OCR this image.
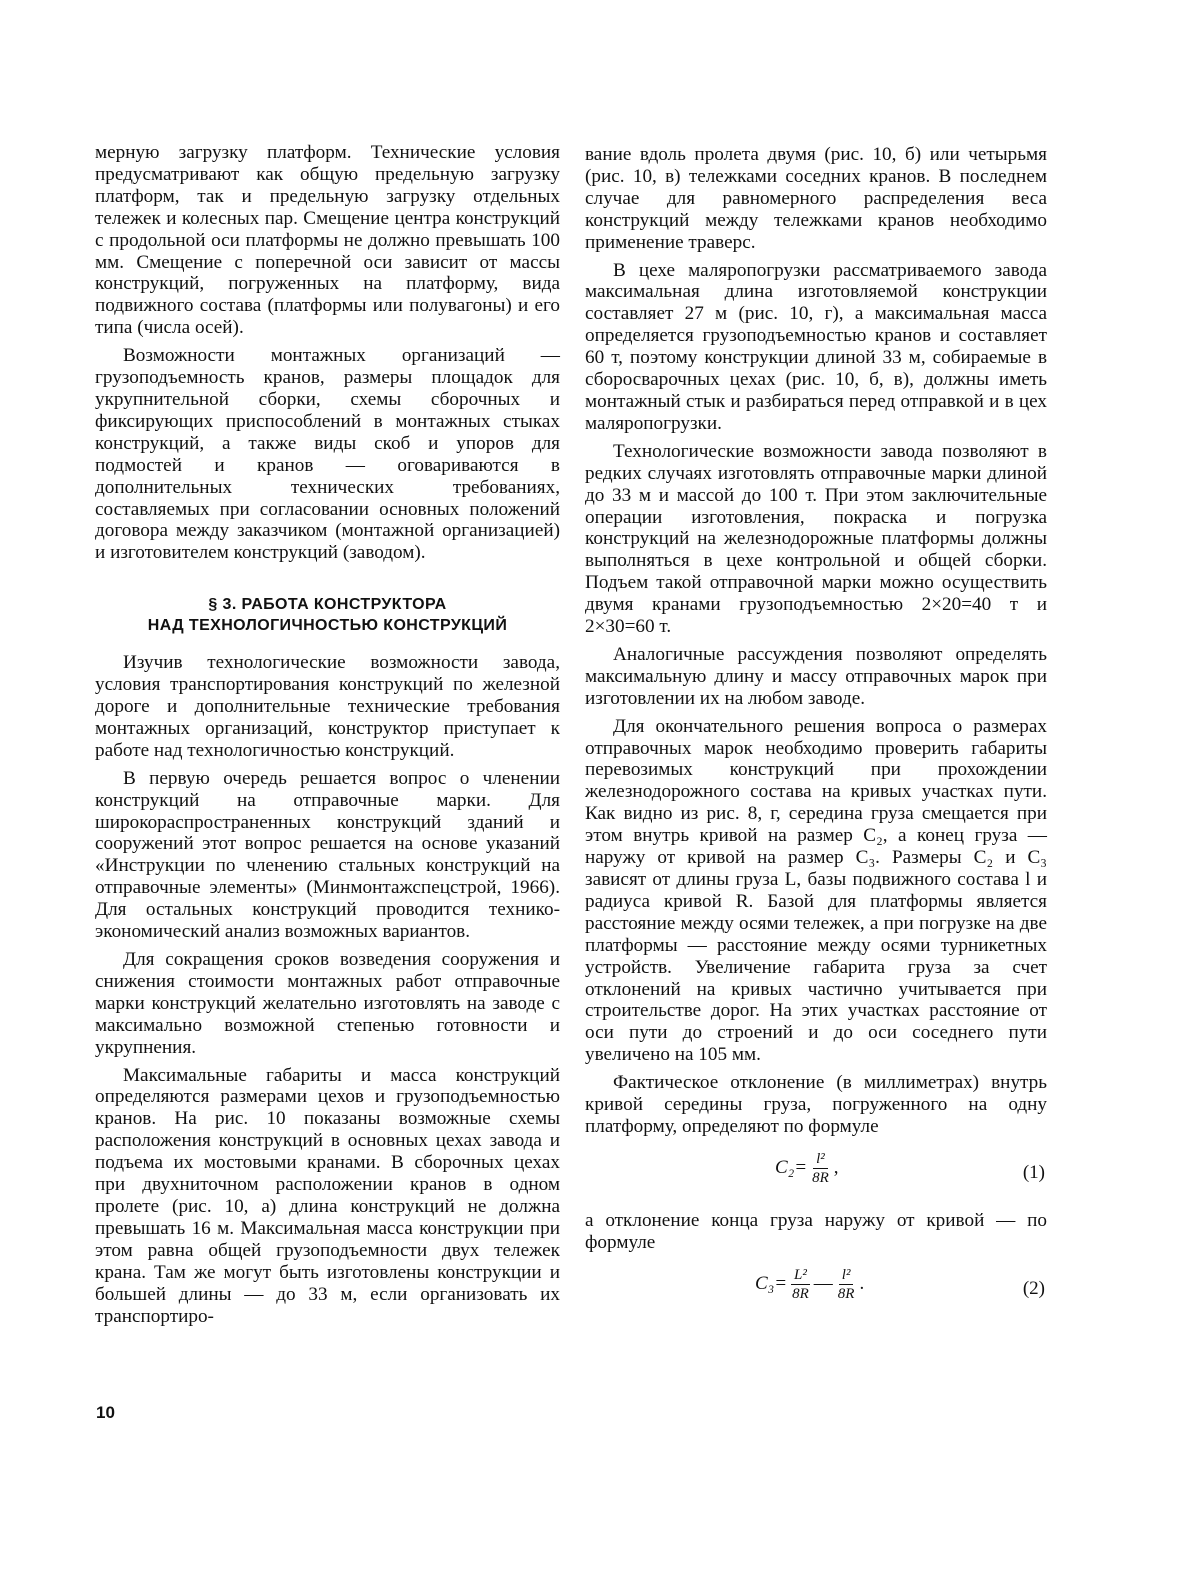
мерную загрузку платформ. Технические условия предусматривают как общую предельную загрузку платформ, так и предельную загрузку отдельных тележек и колесных пар. Смещение центра конструкций с продольной оси платформы не должно превышать 100 мм. Смещение с поперечной оси зависит от массы конструкций, погруженных на платформу, вида подвижного состава (платформы или полувагоны) и его типа (числа осей).

Возможности монтажных организаций — грузоподъемность кранов, размеры площадок для укрупнительной сборки, схемы сборочных и фиксирующих приспособлений в монтажных стыках конструкций, а также виды скоб и упоров для подмостей и кранов — оговариваются в дополнительных технических требованиях, составляемых при согласовании основных положений договора между заказчиком (монтажной организацией) и изготовителем конструкций (заводом).

§ 3. РАБОТА КОНСТРУКТОРА
НАД ТЕХНОЛОГИЧНОСТЬЮ КОНСТРУКЦИЙ

Изучив технологические возможности завода, условия транспортирования конструкций по железной дороге и дополнительные технические требования монтажных организаций, конструктор приступает к работе над технологичностью конструкций.

В первую очередь решается вопрос о членении конструкций на отправочные марки. Для широкораспространенных конструкций зданий и сооружений этот вопрос решается на основе указаний «Инструкции по членению стальных конструкций на отправочные элементы» (Минмонтажспецстрой, 1966). Для остальных конструкций проводится технико-экономический анализ возможных вариантов.

Для сокращения сроков возведения сооружения и снижения стоимости монтажных работ отправочные марки конструкций желательно изготовлять на заводе с максимально возможной степенью готовности и укрупнения.

Максимальные габариты и масса конструкций определяются размерами цехов и грузоподъемностью кранов. На рис. 10 показаны возможные схемы расположения конструкций в основных цехах завода и подъема их мостовыми кранами. В сборочных цехах при двухниточном расположении кранов в одном пролете (рис. 10, а) длина конструкций не должна превышать 16 м. Максимальная масса конструкции при этом равна общей грузоподъемности двух тележек крана. Там же могут быть изготовлены конструкции и большей длины — до 33 м, если организовать их транспортиро-

вание вдоль пролета двумя (рис. 10, б) или четырьмя (рис. 10, в) тележками соседних кранов. В последнем случае для равномерного распределения веса конструкций между тележками кранов необходимо применение траверс.

В цехе маляропогрузки рассматриваемого завода максимальная длина изготовляемой конструкции составляет 27 м (рис. 10, г), а максимальная масса определяется грузоподъемностью кранов и составляет 60 т, поэтому конструкции длиной 33 м, собираемые в сборосварочных цехах (рис. 10, б, в), должны иметь монтажный стык и разбираться перед отправкой и в цех маляропогрузки.

Технологические возможности завода позволяют в редких случаях изготовлять отправочные марки длиной до 33 м и массой до 100 т. При этом заключительные операции изготовления, покраска и погрузка конструкций на железнодорожные платформы должны выполняться в цехе контрольной и общей сборки. Подъем такой отправочной марки можно осуществить двумя кранами грузоподъемностью 2×20=40 т и 2×30=60 т.

Аналогичные рассуждения позволяют определять максимальную длину и массу отправочных марок при изготовлении их на любом заводе.

Для окончательного решения вопроса о размерах отправочных марок необходимо проверить габариты перевозимых конструкций при прохождении железнодорожного состава на кривых участках пути. Как видно из рис. 8, г, середина груза смещается при этом внутрь кривой на размер C₂, а конец груза — наружу от кривой на размер C₃. Размеры C₂ и C₃ зависят от длины груза L, базы подвижного состава l и радиуса кривой R. Базой для платформы является расстояние между осями тележек, а при погрузке на две платформы — расстояние между осями турникетных устройств. Увеличение габарита груза за счет отклонений на кривых частично учитывается при строительстве дорог. На этих участках расстояние от оси пути до строений и до оси соседнего пути увеличено на 105 мм.

Фактическое отклонение (в миллиметрах) внутрь кривой середины груза, погруженного на одну платформу, определяют по формуле

$C_2= \frac{\text{l²}}{8R}$ ,	(1)

а отклонение конца груза наружу от кривой — по формуле

$C_3= \frac{\text{L²}}{8R}$ — $\frac{\text{l²}}{8R}$ .	(2)
10
